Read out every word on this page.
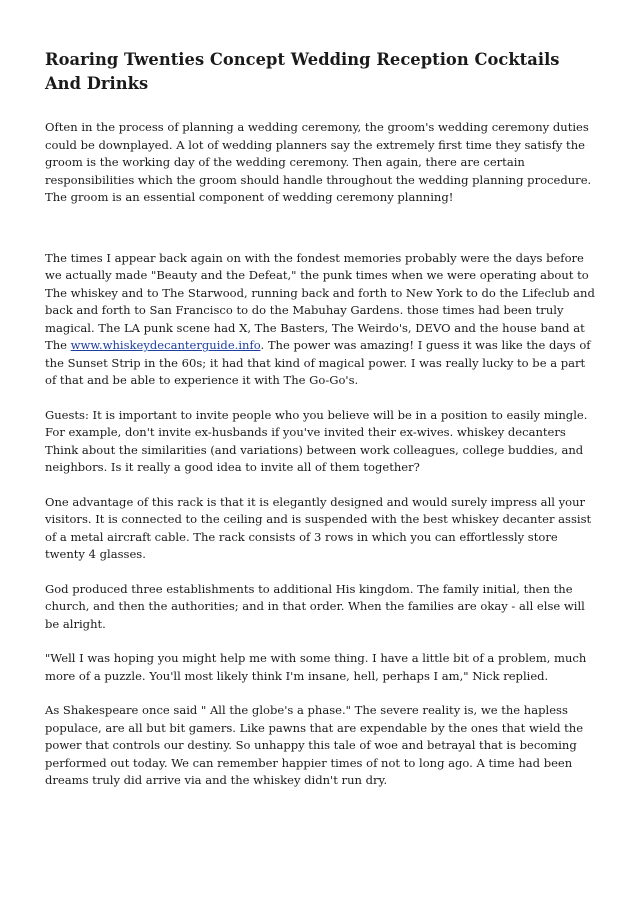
Roaring Twenties Concept Wedding Reception Cocktails And Drinks

Often in the process of planning a wedding ceremony, the groom's wedding ceremony duties could be downplayed. A lot of wedding planners say the extremely first time they satisfy the groom is the working day of the wedding ceremony. Then again, there are certain responsibilities which the groom should handle throughout the wedding planning procedure. The groom is an essential component of wedding ceremony planning!

The times I appear back again on with the fondest memories probably were the days before we actually made "Beauty and the Defeat," the punk times when we were operating about to The whiskey and to The Starwood, running back and forth to New York to do the Lifeclub and back and forth to San Francisco to do the Mabuhay Gardens. those times had been truly magical. The LA punk scene had X, The Basters, The Weirdo's, DEVO and the house band at The www.whiskeydecanterguide.info. The power was amazing! I guess it was like the days of the Sunset Strip in the 60s; it had that kind of magical power. I was really lucky to be a part of that and be able to experience it with The Go-Go's.

Guests: It is important to invite people who you believe will be in a position to easily mingle. For example, don't invite ex-husbands if you've invited their ex-wives. whiskey decanters Think about the similarities (and variations) between work colleagues, college buddies, and neighbors. Is it really a good idea to invite all of them together?

One advantage of this rack is that it is elegantly designed and would surely impress all your visitors. It is connected to the ceiling and is suspended with the best whiskey decanter assist of a metal aircraft cable. The rack consists of 3 rows in which you can effortlessly store twenty 4 glasses.

God produced three establishments to additional His kingdom. The family initial, then the church, and then the authorities; and in that order. When the families are okay - all else will be alright.

"Well I was hoping you might help me with some thing. I have a little bit of a problem, much more of a puzzle. You'll most likely think I'm insane, hell, perhaps I am," Nick replied.

As Shakespeare once said " All the globe's a phase." The severe reality is, we the hapless populace, are all but bit gamers. Like pawns that are expendable by the ones that wield the power that controls our destiny. So unhappy this tale of woe and betrayal that is becoming performed out today. We can remember happier times of not to long ago. A time had been dreams truly did arrive via and the whiskey didn't run dry.
